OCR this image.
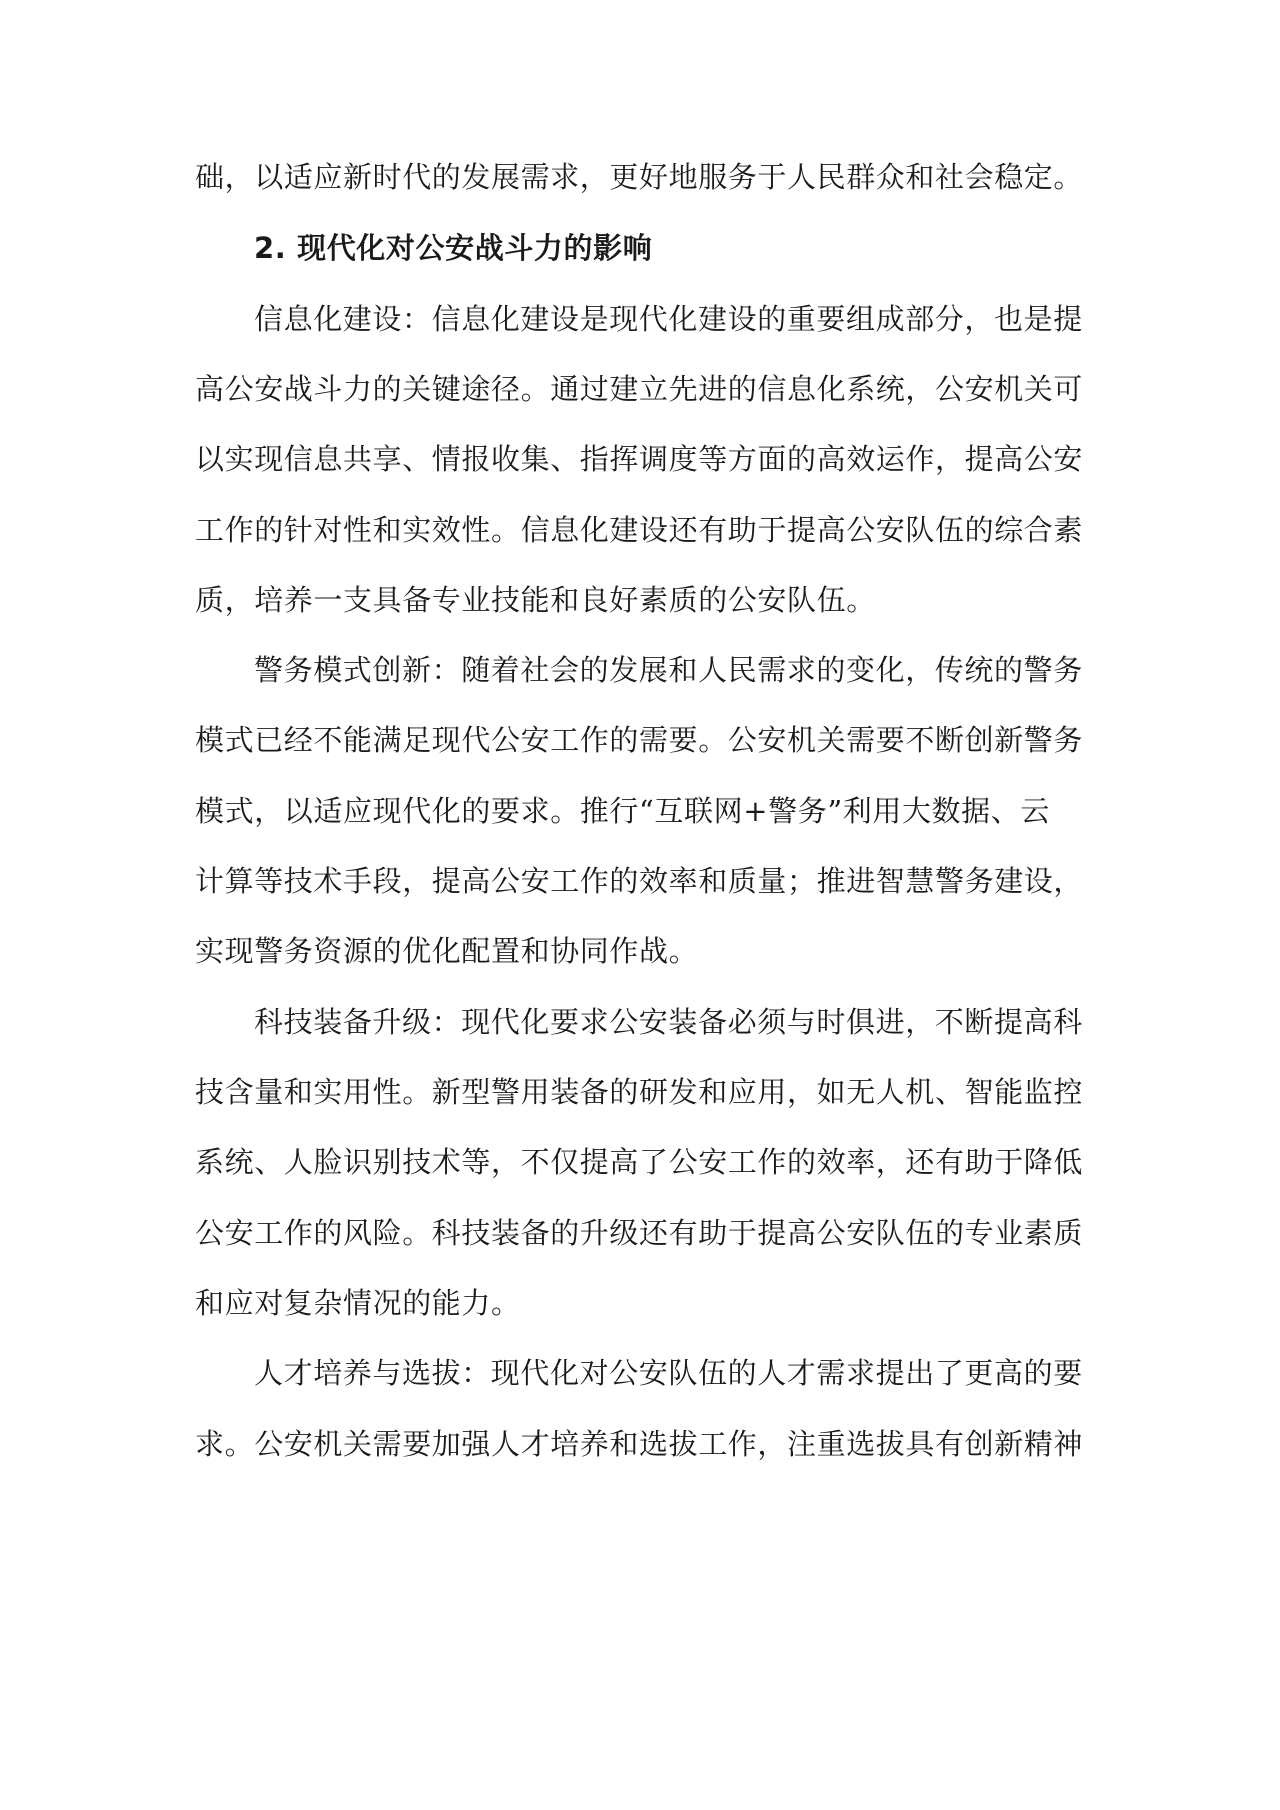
础，以适应新时代的发展需求，更好地服务于人民群众和社会稳定。
2. 现代化对公安战斗力的影响
信息化建设：信息化建设是现代化建设的重要组成部分，也是提
高公安战斗力的关键途径。通过建立先进的信息化系统，公安机关可
以实现信息共享、情报收集、指挥调度等方面的高效运作，提高公安
工作的针对性和实效性。信息化建设还有助于提高公安队伍的综合素
质，培养一支具备专业技能和良好素质的公安队伍。
警务模式创新：随着社会的发展和人民需求的变化，传统的警务
模式已经不能满足现代公安工作的需要。公安机关需要不断创新警务
模式，以适应现代化的要求。推行“互联网+警务”利用大数据、云
计算等技术手段，提高公安工作的效率和质量；推进智慧警务建设，
实现警务资源的优化配置和协同作战。
科技装备升级：现代化要求公安装备必须与时俱进，不断提高科
技含量和实用性。新型警用装备的研发和应用，如无人机、智能监控
系统、人脸识别技术等，不仅提高了公安工作的效率，还有助于降低
公安工作的风险。科技装备的升级还有助于提高公安队伍的专业素质
和应对复杂情况的能力。
人才培养与选拔：现代化对公安队伍的人才需求提出了更高的要
求。公安机关需要加强人才培养和选拔工作，注重选拔具有创新精神
